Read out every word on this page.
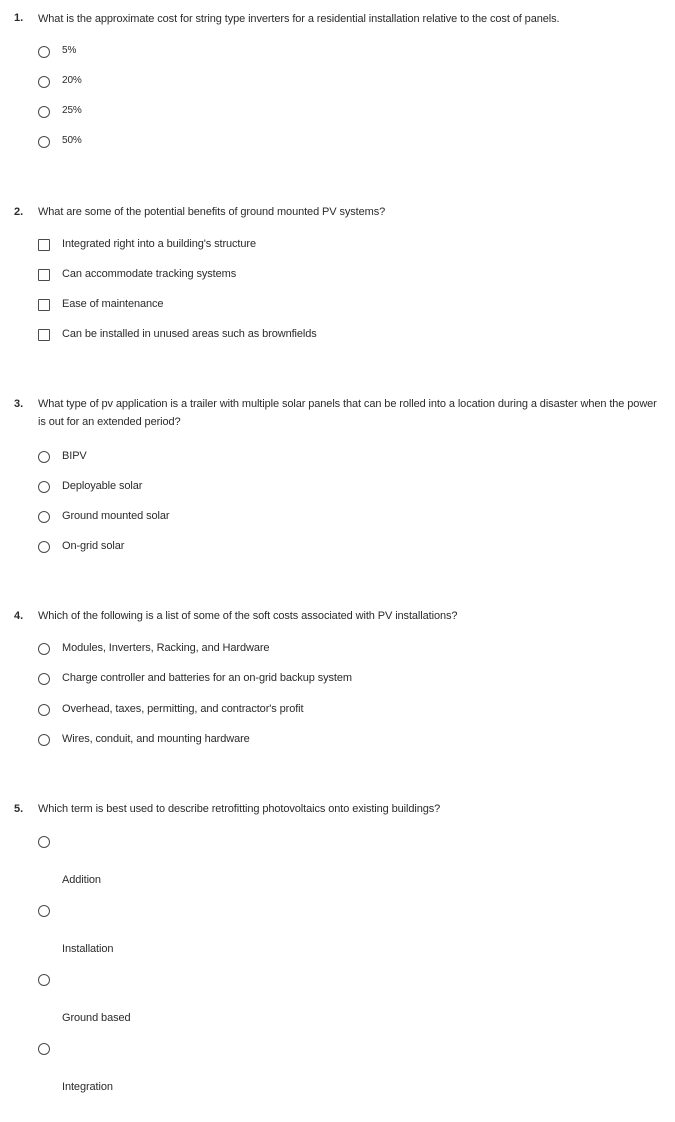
1. What is the approximate cost for string type inverters for a residential installation relative to the cost of panels.
5%
20%
25%
50%
2. What are some of the potential benefits of ground mounted PV systems?
Integrated right into a building's structure
Can accommodate tracking systems
Ease of maintenance
Can be installed in unused areas such as brownfields
3. What type of pv application is a trailer with multiple solar panels that can be rolled into a location during a disaster when the power is out for an extended period?
BIPV
Deployable solar
Ground mounted solar
On-grid solar
4. Which of the following is a list of some of the soft costs associated with PV installations?
Modules, Inverters, Racking, and Hardware
Charge controller and batteries for an on-grid backup system
Overhead, taxes, permitting, and contractor's profit
Wires, conduit, and mounting hardware
5. Which term is best used to describe retrofitting photovoltaics onto existing buildings?
Addition
Installation
Ground based
Integration
